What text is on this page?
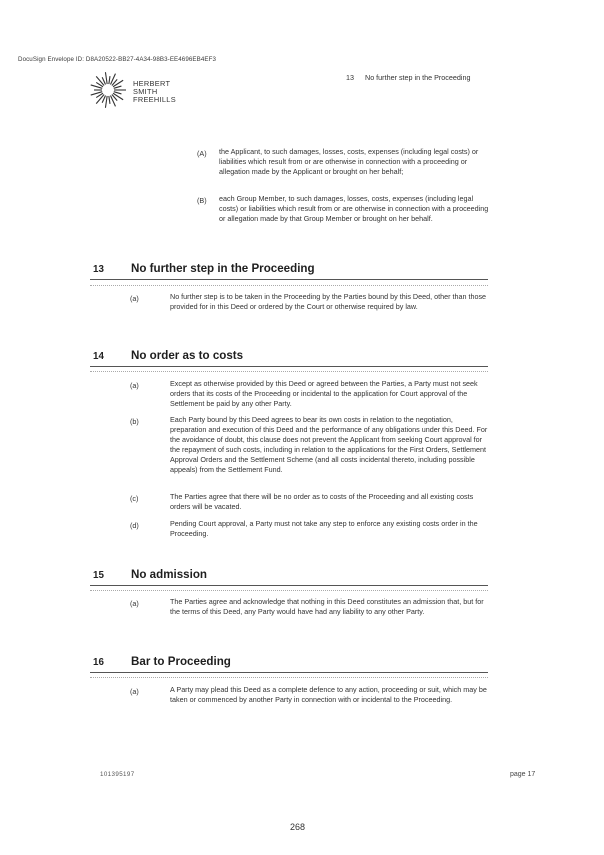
DocuSign Envelope ID: D8A20522-BB27-4A34-98B3-EE4696EB4EF3
HERBERT
SMITH
FREEHILLS
13 No further step in the Proceeding
(A) the Applicant, to such damages, losses, costs, expenses (including legal costs) or liabilities which result from or are otherwise in connection with a proceeding or allegation made by the Applicant or brought on her behalf;
(B) each Group Member, to such damages, losses, costs, expenses (including legal costs) or liabilities which result from or are otherwise in connection with a proceeding or allegation made by that Group Member or brought on her behalf.
13 No further step in the Proceeding
(a)	No further step is to be taken in the Proceeding by the Parties bound by this Deed, other than those provided for in this Deed or ordered by the Court or otherwise required by law.
14 No order as to costs
(a)	Except as otherwise provided by this Deed or agreed between the Parties, a Party must not seek orders that its costs of the Proceeding or incidental to the application for Court approval of the Settlement be paid by any other Party.
(b)	Each Party bound by this Deed agrees to bear its own costs in relation to the negotiation, preparation and execution of this Deed and the performance of any obligations under this Deed. For the avoidance of doubt, this clause does not prevent the Applicant from seeking Court approval for the repayment of such costs, including in relation to the applications for the First Orders, Settlement Approval Orders and the Settlement Scheme (and all costs incidental thereto, including possible appeals) from the Settlement Fund.
(c)	The Parties agree that there will be no order as to costs of the Proceeding and all existing costs orders will be vacated.
(d)	Pending Court approval, a Party must not take any step to enforce any existing costs order in the Proceeding.
15 No admission
(a)	The Parties agree and acknowledge that nothing in this Deed constitutes an admission that, but for the terms of this Deed, any Party would have had any liability to any other Party.
16 Bar to Proceeding
(a)	A Party may plead this Deed as a complete defence to any action, proceeding or suit, which may be taken or commenced by another Party in connection with or incidental to the Proceeding.
101395197	page 17
268
